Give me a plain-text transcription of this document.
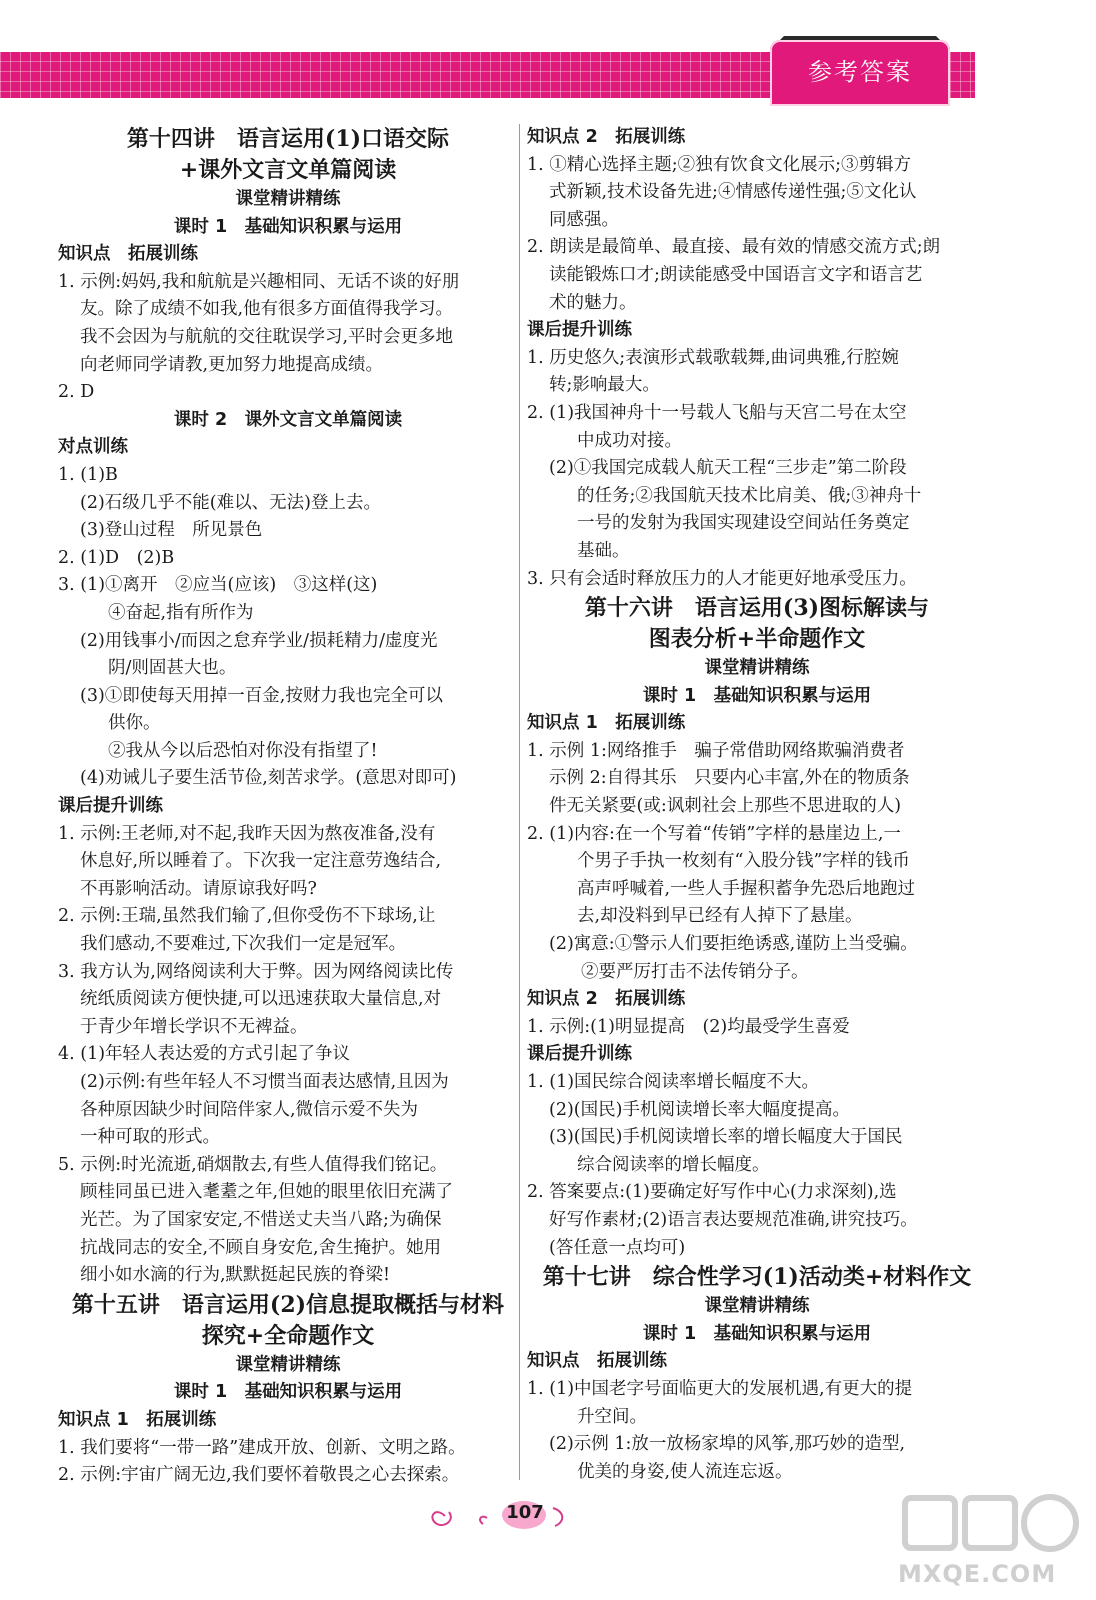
参考答案
第十四讲　语言运用(1)口语交际
+课外文言文单篇阅读
课堂精讲精练
课时 1　基础知识积累与运用
知识点　拓展训练
1. 示例:妈妈,我和航航是兴趣相同、无话不谈的好朋
友。除了成绩不如我,他有很多方面值得我学习。
我不会因为与航航的交往耽误学习,平时会更多地
向老师同学请教,更加努力地提高成绩。
2. D
课时 2　课外文言文单篇阅读
对点训练
1. (1)B
(2)石级几乎不能(难以、无法)登上去。
(3)登山过程　所见景色
2. (1)D　(2)B
3. (1)①离开　②应当(应该)　③这样(这)
④奋起,指有所作为
(2)用钱事小/而因之怠弃学业/损耗精力/虚度光
阴/则固甚大也。
(3)①即使每天用掉一百金,按财力我也完全可以
供你。
②我从今以后恐怕对你没有指望了!
(4)劝诫儿子要生活节俭,刻苦求学。(意思对即可)
课后提升训练
1. 示例:王老师,对不起,我昨天因为熬夜准备,没有
休息好,所以睡着了。下次我一定注意劳逸结合,
不再影响活动。请原谅我好吗?
2. 示例:王瑞,虽然我们输了,但你受伤不下球场,让
我们感动,不要难过,下次我们一定是冠军。
3. 我方认为,网络阅读利大于弊。因为网络阅读比传
统纸质阅读方便快捷,可以迅速获取大量信息,对
于青少年增长学识不无裨益。
4. (1)年轻人表达爱的方式引起了争议
(2)示例:有些年轻人不习惯当面表达感情,且因为
各种原因缺少时间陪伴家人,微信示爱不失为
一种可取的形式。
5. 示例:时光流逝,硝烟散去,有些人值得我们铭记。
顾桂同虽已进入耄耋之年,但她的眼里依旧充满了
光芒。为了国家安定,不惜送丈夫当八路;为确保
抗战同志的安全,不顾自身安危,舍生掩护。她用
细小如水滴的行为,默默挺起民族的脊梁!
第十五讲　语言运用(2)信息提取概括与材料
探究+全命题作文
课堂精讲精练
课时 1　基础知识积累与运用
知识点 1　拓展训练
1. 我们要将“一带一路”建成开放、创新、文明之路。
2. 示例:宇宙广阔无边,我们要怀着敬畏之心去探索。
知识点 2　拓展训练
1. ①精心选择主题;②独有饮食文化展示;③剪辑方
式新颖,技术设备先进;④情感传递性强;⑤文化认
同感强。
2. 朗读是最简单、最直接、最有效的情感交流方式;朗
读能锻炼口才;朗读能感受中国语言文字和语言艺
术的魅力。
课后提升训练
1. 历史悠久;表演形式载歌载舞,曲词典雅,行腔婉
转;影响最大。
2. (1)我国神舟十一号载人飞船与天宫二号在太空
中成功对接。
(2)①我国完成载人航天工程“三步走”第二阶段
的任务;②我国航天技术比肩美、俄;③神舟十
一号的发射为我国实现建设空间站任务奠定
基础。
3. 只有会适时释放压力的人才能更好地承受压力。
第十六讲　语言运用(3)图标解读与
图表分析+半命题作文
课堂精讲精练
课时 1　基础知识积累与运用
知识点 1　拓展训练
1. 示例 1:网络推手　骗子常借助网络欺骗消费者
示例 2:自得其乐　只要内心丰富,外在的物质条
件无关紧要(或:讽刺社会上那些不思进取的人)
2. (1)内容:在一个写着“传销”字样的悬崖边上,一
个男子手执一枚刻有“入股分钱”字样的钱币
高声呼喊着,一些人手握积蓄争先恐后地跑过
去,却没料到早已经有人掉下了悬崖。
(2)寓意:①警示人们要拒绝诱惑,谨防上当受骗。
②要严厉打击不法传销分子。
知识点 2　拓展训练
1. 示例:(1)明显提高　(2)均最受学生喜爱
课后提升训练
1. (1)国民综合阅读率增长幅度不大。
(2)(国民)手机阅读增长率大幅度提高。
(3)(国民)手机阅读增长率的增长幅度大于国民
综合阅读率的增长幅度。
2. 答案要点:(1)要确定好写作中心(力求深刻),选
好写作素材;(2)语言表达要规范准确,讲究技巧。
(答任意一点均可)
第十七讲　综合性学习(1)活动类+材料作文
课堂精讲精练
课时 1　基础知识积累与运用
知识点　拓展训练
1. (1)中国老字号面临更大的发展机遇,有更大的提
升空间。
(2)示例 1:放一放杨家埠的风筝,那巧妙的造型,
优美的身姿,使人流连忘返。
107
MXQE.COM
